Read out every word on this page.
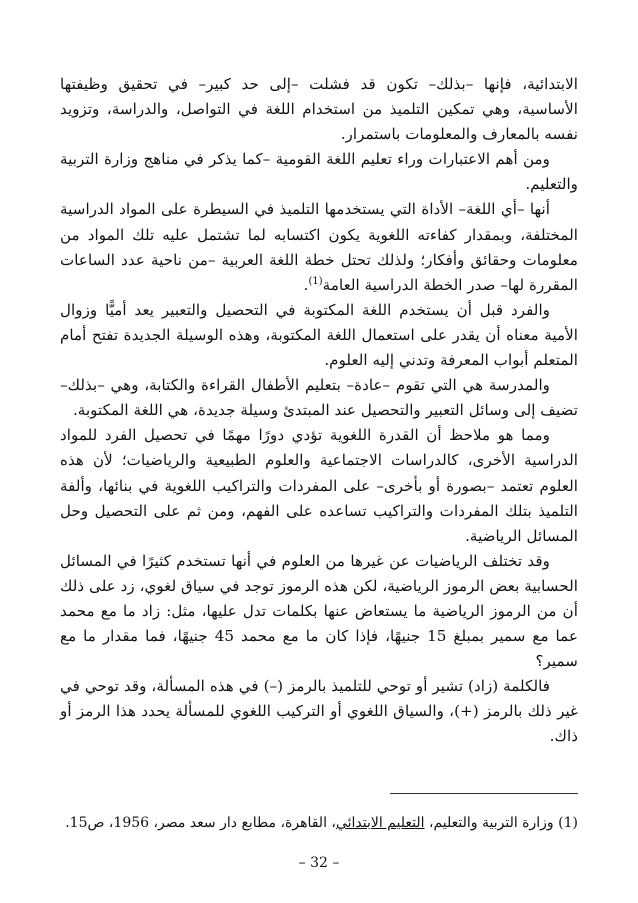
الابتدائية، فإنها –بذلك– تكون قد فشلت –إلى حد كبير– في تحقيق وظيفتها الأساسية، وهي تمكين التلميذ من استخدام اللغة في التواصل، والدراسة، وتزويد نفسه بالمعارف والمعلومات باستمرار.

ومن أهم الاعتبارات وراء تعليم اللغة القومية –كما يذكر في مناهج وزارة التربية والتعليم.

أنها –أي اللغة– الأداة التي يستخدمها التلميذ في السيطرة على المواد الدراسية المختلفة، وبمقدار كفاءته اللغوية يكون اكتسابه لما تشتمل عليه تلك المواد من معلومات وحقائق وأفكار؛ ولذلك تحتل خطة اللغة العربية –من ناحية عدد الساعات المقررة لها– صدر الخطة الدراسية العامة$^{(1)}$.

والفرد قبل أن يستخدم اللغة المكتوبة في التحصيل والتعبير يعد أميًّا وزوال الأمية معناه أن يقدر على استعمال اللغة المكتوبة، وهذه الوسيلة الجديدة تفتح أمام المتعلم أبواب المعرفة وتدني إليه العلوم.

والمدرسة هي التي تقوم –عادة– بتعليم الأطفال القراءة والكتابة، وهي –بذلك– تضيف إلى وسائل التعبير والتحصيل عند المبتدئ وسيلة جديدة، هي اللغة المكتوبة.

ومما هو ملاحظ أن القدرة اللغوية تؤدي دورًا مهمًا في تحصيل الفرد للمواد الدراسية الأخرى، كالدراسات الاجتماعية والعلوم الطبيعية والرياضيات؛ لأن هذه العلوم تعتمد –بصورة أو بأخرى– على المفردات والتراكيب اللغوية في بنائها، وألفة التلميذ بتلك المفردات والتراكيب تساعده على الفهم، ومن ثم على التحصيل وحل المسائل الرياضية.

وقد تختلف الرياضيات عن غيرها من العلوم في أنها تستخدم كثيرًا في المسائل الحسابية بعض الرموز الرياضية، لكن هذه الرموز توجد في سياق لغوي، زد على ذلك أن من الرموز الرياضية ما يستعاض عنها بكلمات تدل عليها، مثل: زاد ما مع محمد عما مع سمير بمبلغ 15 جنيهًا، فإذا كان ما مع محمد 45 جنيهًا، فما مقدار ما مع سمير؟

فالكلمة (زاد) تشير أو توحي للتلميذ بالرمز (–) في هذه المسألة، وقد توحي في غير ذلك بالرمز (+)، والسياق اللغوي أو التركيب اللغوي للمسألة يحدد هذا الرمز أو ذاك.

(1) وزارة التربية والتعليم، التعليم الابتدائي، القاهرة، مطابع دار سعد مصر، 1956، ص15.
– 32 –
